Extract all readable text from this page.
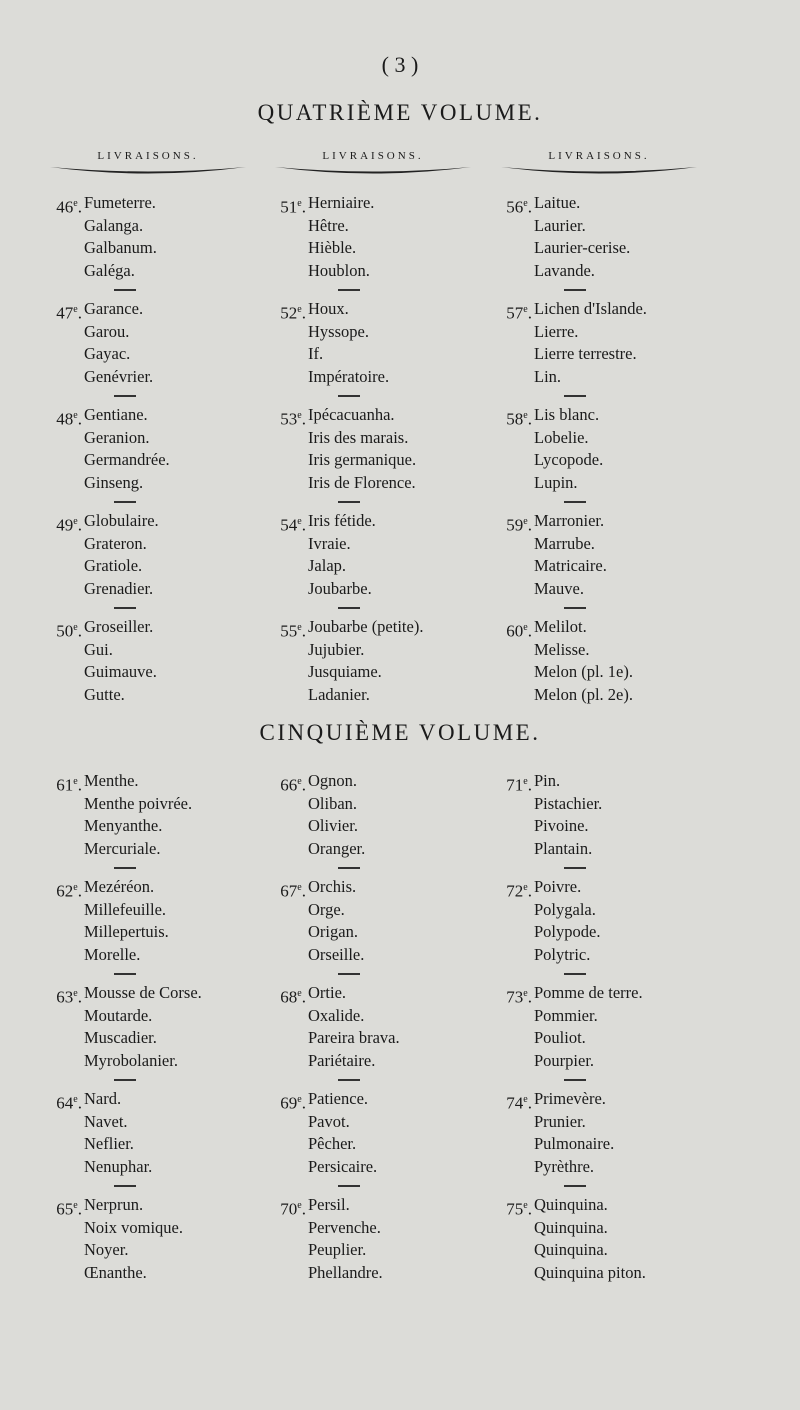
( 3 )
QUATRIÈME VOLUME.
LIVRAISONS.	LIVRAISONS.	LIVRAISONS.
CINQUIÈME VOLUME.
46e. Fumeterre.
Galanga.
Galbanum.
Galéga.
47e. Garance.
Garou.
Gayac.
Genévrier.
48e. Gentiane.
Geranion.
Germandrée.
Ginseng.
49e. Globulaire.
Grateron.
Gratiole.
Grenadier.
50e. Groseiller.
Gui.
Guimauve.
Gutte.
51e. Herniaire.
Hêtre.
Hièble.
Houblon.
52e. Houx.
Hyssope.
If.
Impératoire.
53e. Ipécacuanha.
Iris des marais.
Iris germanique.
Iris de Florence.
54e. Iris fétide.
Ivraie.
Jalap.
Joubarbe.
55e. Joubarbe (petite).
Jujubier.
Jusquiame.
Ladanier.
56e. Laitue.
Laurier.
Laurier-cerise.
Lavande.
57e. Lichen d'Islande.
Lierre.
Lierre terrestre.
Lin.
58e. Lis blanc.
Lobelie.
Lycopode.
Lupin.
59e. Marronier.
Marrube.
Matricaire.
Mauve.
60e. Melilot.
Melisse.
Melon (pl. 1e).
Melon (pl. 2e).
61e. Menthe.
Menthe poivrée.
Menyanthe.
Mercuriale.
62e. Mezéréon.
Millefeuille.
Millepertuis.
Morelle.
63e. Mousse de Corse.
Moutarde.
Muscadier.
Myrobolanier.
64e. Nard.
Navet.
Neflier.
Nenuphar.
65e. Nerprun.
Noix vomique.
Noyer.
Œnanthe.
66e. Ognon.
Oliban.
Olivier.
Oranger.
67e. Orchis.
Orge.
Origan.
Orseille.
68e. Ortie.
Oxalide.
Pareira brava.
Pariétaire.
69e. Patience.
Pavot.
Pêcher.
Persicaire.
70e. Persil.
Pervenche.
Peuplier.
Phellandre.
71e. Pin.
Pistachier.
Pivoine.
Plantain.
72e. Poivre.
Polygala.
Polypode.
Polytric.
73e. Pomme de terre.
Pommier.
Pouliot.
Pourpier.
74e. Primevère.
Prunier.
Pulmonaire.
Pyrèthre.
75e. Quinquina.
Quinquina.
Quinquina.
Quinquina piton.
